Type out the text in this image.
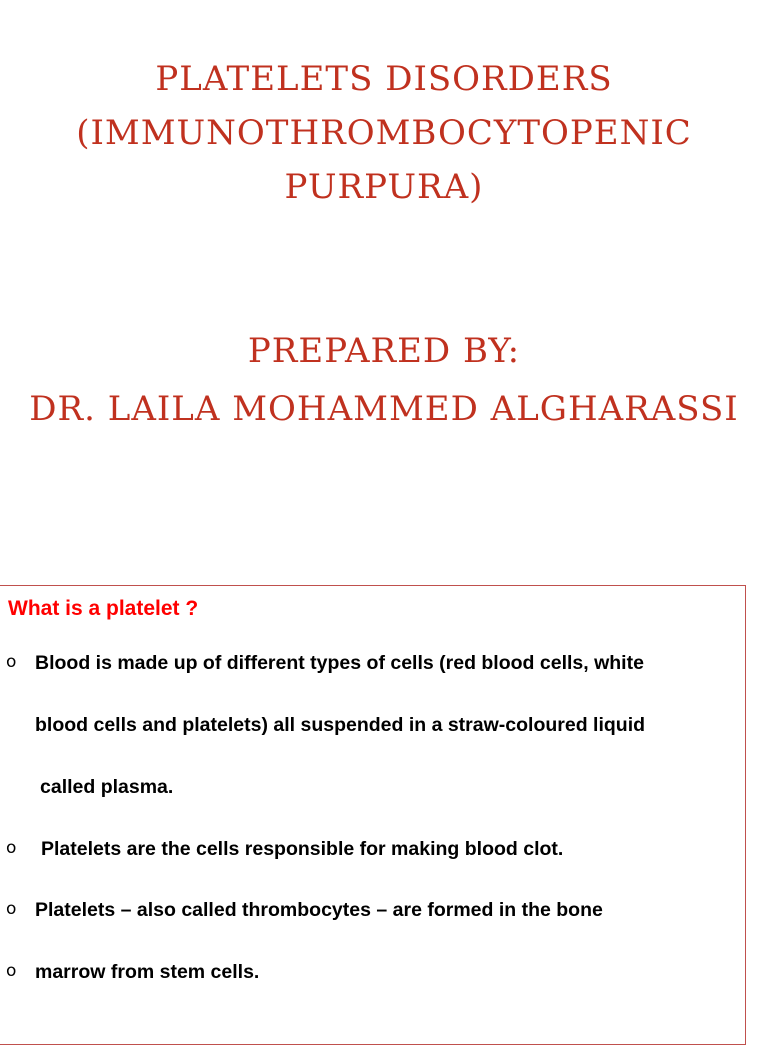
PLATELETS DISORDERS
(IMMUNOTHROMBOCYTOPENIC
PURPURA)
PREPARED BY:
DR. LAILA MOHAMMED ALGHARASSI
What is a platelet ?
o Blood is made up of different types of cells (red blood cells, white
blood cells and platelets) all suspended in a straw-coloured liquid
called plasma.
o Platelets are the cells responsible for making blood clot.
o Platelets – also called thrombocytes – are formed in the bone
o marrow from stem cells.
